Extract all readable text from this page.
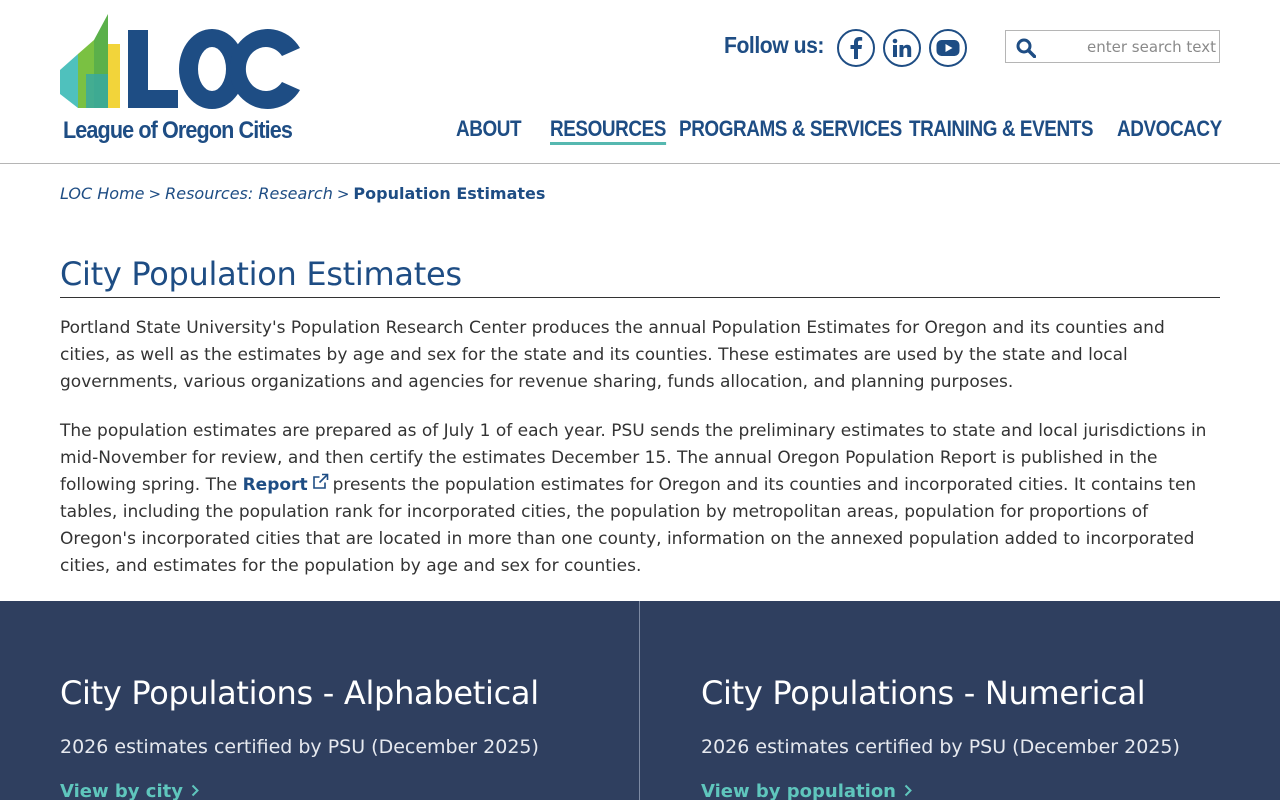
League of Oregon Cities
Follow us:
enter search text
ABOUT RESOURCES PROGRAMS & SERVICES TRAINING & EVENTS ADVOCACY
LOC Home > Resources: Research > Population Estimates
City Population Estimates

Portland State University's Population Research Center produces the annual Population Estimates for Oregon and its counties and cities, as well as the estimates by age and sex for the state and its counties. These estimates are used by the state and local governments, various organizations and agencies for revenue sharing, funds allocation, and planning purposes.

The population estimates are prepared as of July 1 of each year. PSU sends the preliminary estimates to state and local jurisdictions in mid-November for review, and then certify the estimates December 15. The annual Oregon Population Report is published in the following spring. The Report presents the population estimates for Oregon and its counties and incorporated cities. It contains ten tables, including the population rank for incorporated cities, the population by metropolitan areas, population for proportions of Oregon's incorporated cities that are located in more than one county, information on the annexed population added to incorporated cities, and estimates for the population by age and sex for counties.

City Populations - Alphabetical

2026 estimates certified by PSU (December 2025)

View by city
City Populations - Numerical

2026 estimates certified by PSU (December 2025)

View by population
